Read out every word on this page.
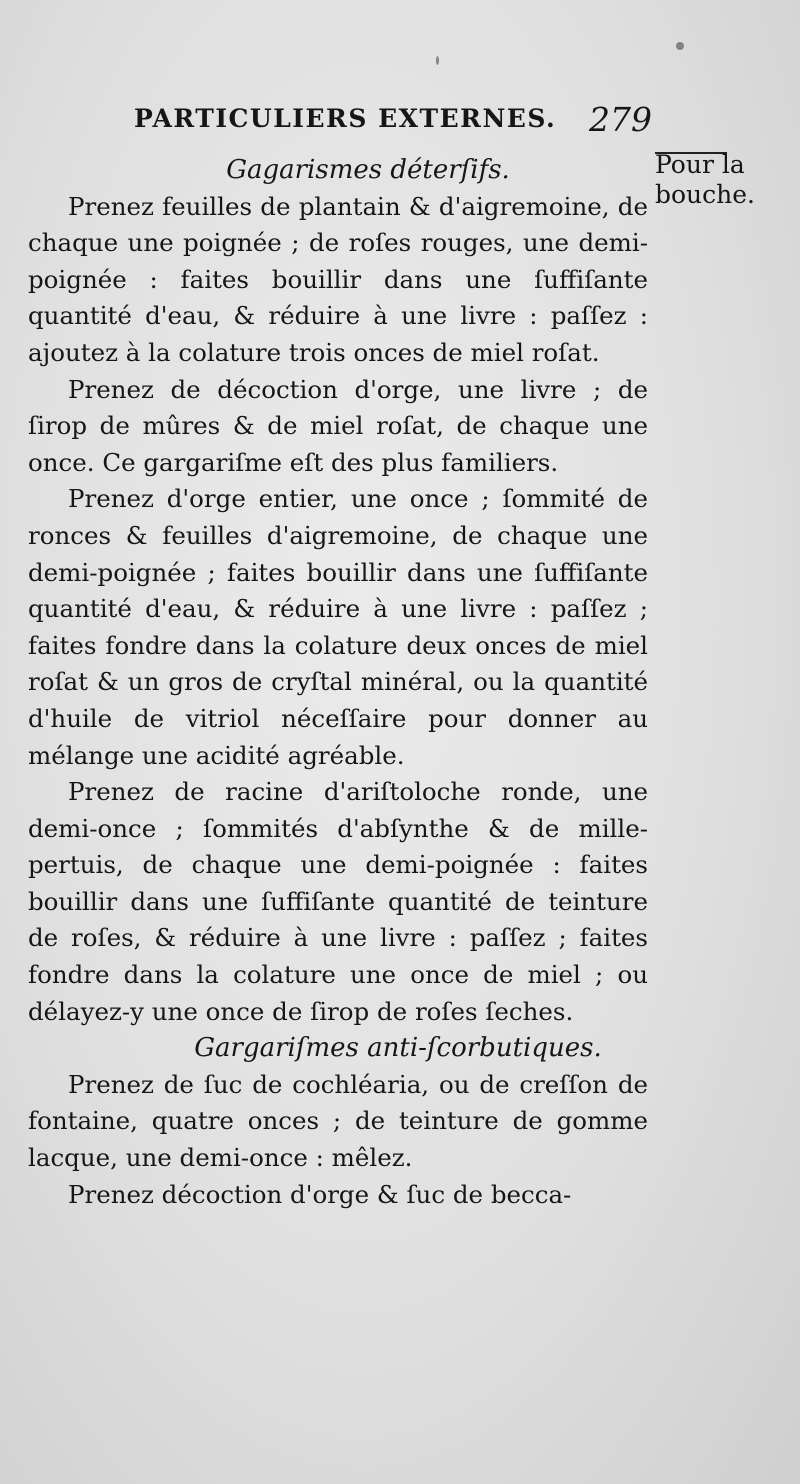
PARTICULIERS EXTERNES. 279
Pour la
bouche.
Gagarismes déterſifs.

Prenez feuilles de plantain & d'aigremoine, de chaque une poignée ; de roſes rouges, une demi-poignée : faites bouillir dans une ſuffiſante quantité d'eau, & réduire à une livre : paſſez : ajoutez à la colature trois onces de miel roſat.

Prenez de décoction d'orge, une livre ; de ſirop de mûres & de miel roſat, de chaque une once. Ce gargariſme eſt des plus familiers.

Prenez d'orge entier, une once ; ſommité de ronces & feuilles d'aigremoine, de chaque une demi-poignée ; faites bouillir dans une ſuffiſante quantité d'eau, & réduire à une livre : paſſez ; faites fondre dans la colature deux onces de miel roſat & un gros de cryſtal minéral, ou la quantité d'huile de vitriol néceſſaire pour donner au mélange une acidité agréable.

Prenez de racine d'ariſtoloche ronde, une demi-once ; ſommités d'abſynthe & de mille-pertuis, de chaque une demi-poignée : faites bouillir dans une ſuffiſante quantité de teinture de roſes, & réduire à une livre : paſſez ; faites fondre dans la colature une once de miel ; ou délayez-y une once de ſirop de roſes ſeches.

Gargariſmes anti-ſcorbutiques.

Prenez de ſuc de cochléaria, ou de creſſon de fontaine, quatre onces ; de teinture de gomme lacque, une demi-once : mêlez.

Prenez décoction d'orge & ſuc de becca-
